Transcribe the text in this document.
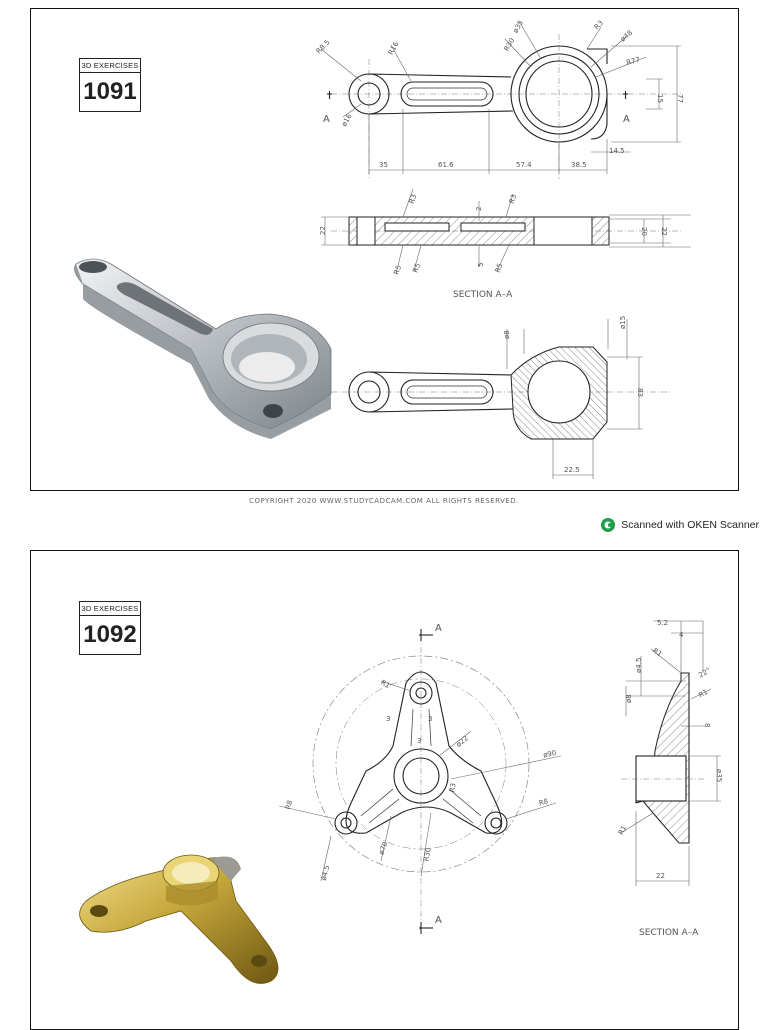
3D EXERCISES
1091
A	A
R8.5	R16
ø35
R30
R3
ø48
R77
ø16
15 77
14.5
35	61.6	57.4	38.5
22	20 22
R3
2
R3
R5 R5	5 R5
SECTION A–A
ø8
ø15
83
22.5
COPYRIGHT 2020 WWW.STUDYCADCAM.COM ALL RIGHTS RESERVED.
Scanned with OKEN Scanner
3D EXERCISES
1092	A
A
R1
3
3
3
ø22
ø90
R8	R8
ø70	R30
R3
ø4.5
5.2
4
R1
ø4.5
ø8
22°
R1
8
ø35
R1
22
SECTION A–A
